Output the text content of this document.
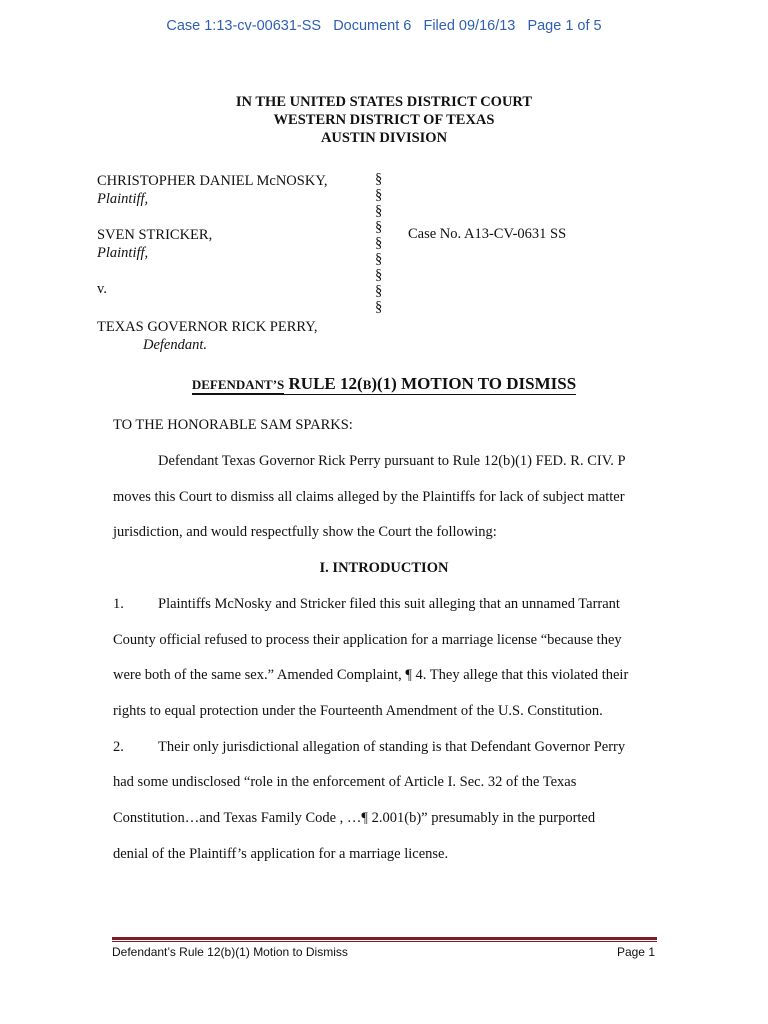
Case 1:13-cv-00631-SS   Document 6   Filed 09/16/13   Page 1 of 5
IN THE UNITED STATES DISTRICT COURT
WESTERN DISTRICT OF TEXAS
AUSTIN DIVISION
CHRISTOPHER DANIEL McNOSKY,
Plaintiff,
SVEN STRICKER,
Plaintiff,
v.
TEXAS GOVERNOR RICK PERRY,
Defendant.
§
§
§
§
§
§
§
§
§
Case No. A13-CV-0631 SS
DEFENDANT’S RULE 12(B)(1) MOTION TO DISMISS
TO THE HONORABLE SAM SPARKS:
Defendant Texas Governor Rick Perry pursuant to Rule 12(b)(1) FED. R. CIV. P
moves this Court to dismiss all claims alleged by the Plaintiffs for lack of subject matter
jurisdiction, and would respectfully show the Court the following:
I. INTRODUCTION
1. Plaintiffs McNosky and Stricker filed this suit alleging that an unnamed Tarrant
County official refused to process their application for a marriage license “because they
were both of the same sex.” Amended Complaint, ¶ 4. They allege that this violated their
rights to equal protection under the Fourteenth Amendment of the U.S. Constitution.
2. Their only jurisdictional allegation of standing is that Defendant Governor Perry
had some undisclosed “role in the enforcement of Article I. Sec. 32 of the Texas
Constitution…and Texas Family Code , …¶ 2.001(b)” presumably in the purported
denial of the Plaintiff’s application for a marriage license.
Defendant’s Rule 12(b)(1) Motion to Dismiss	Page 1
